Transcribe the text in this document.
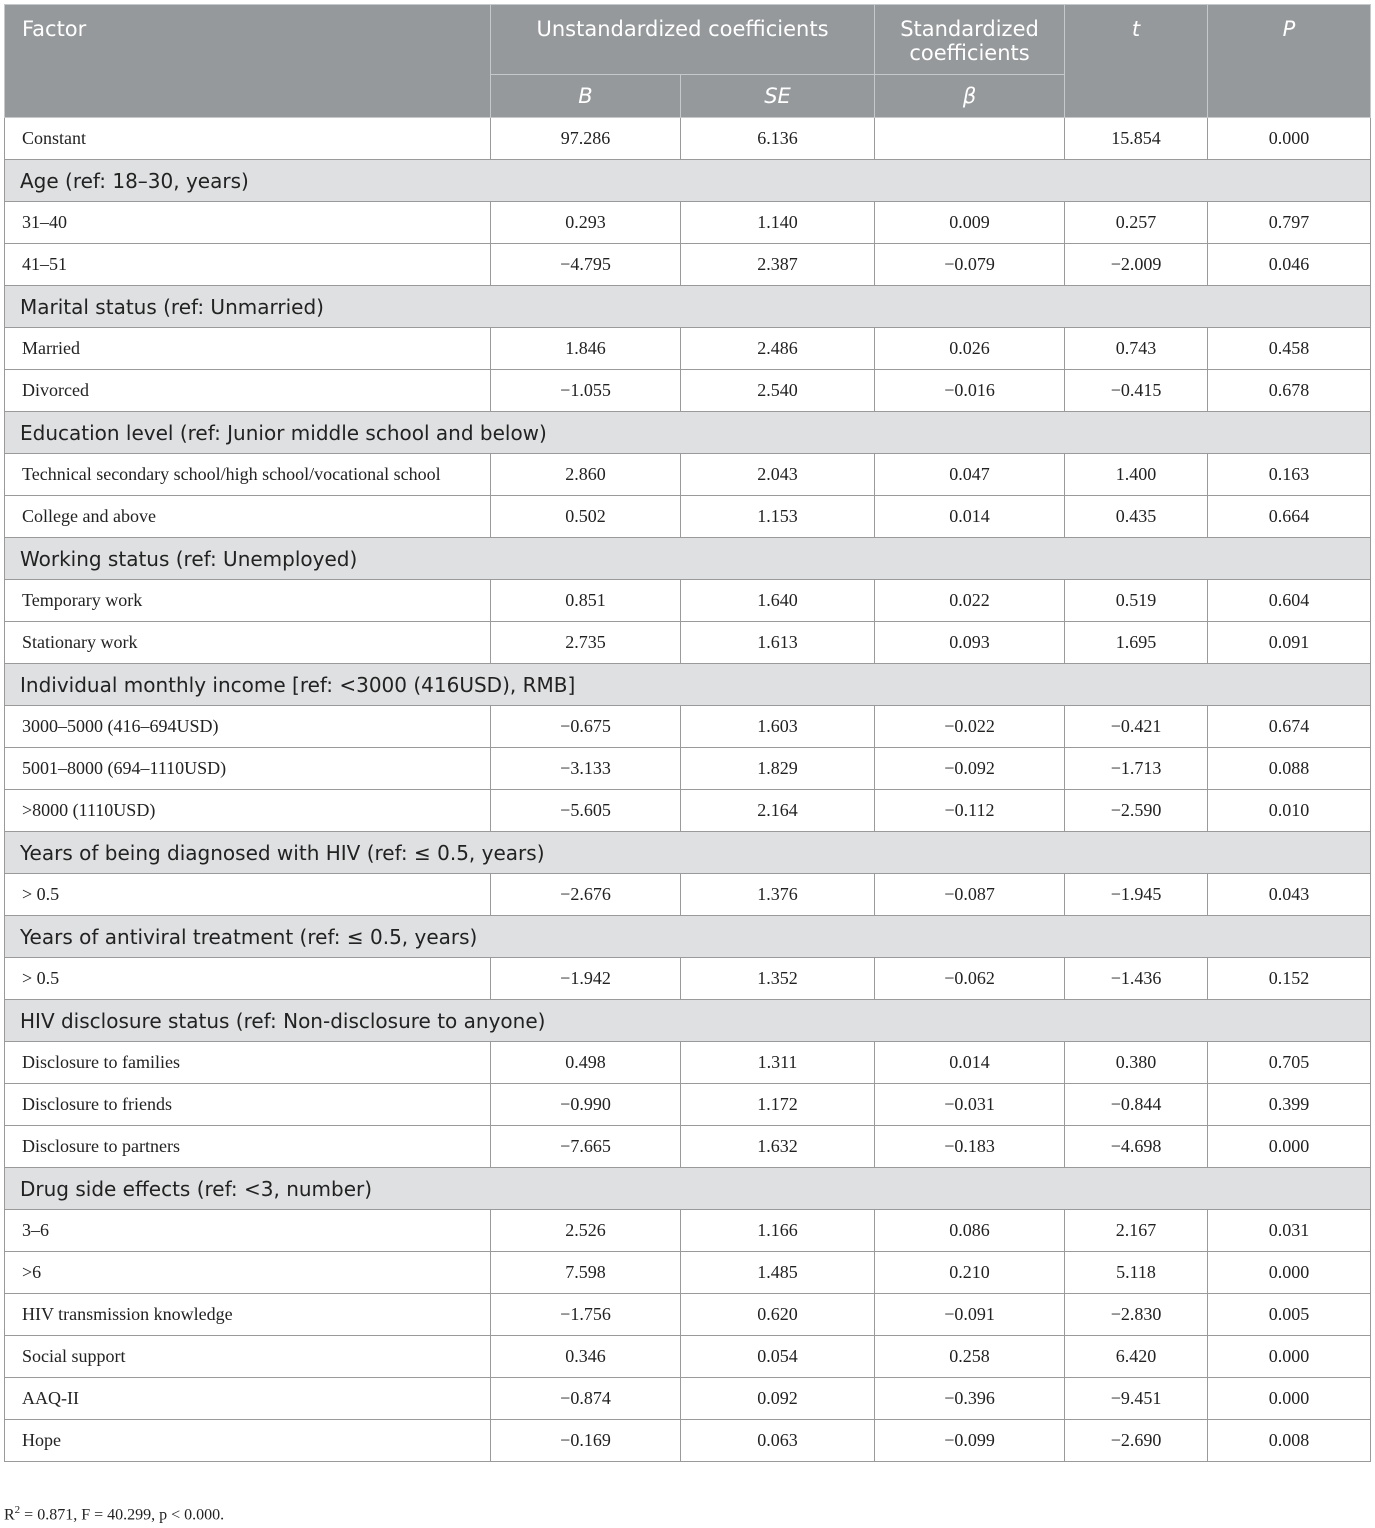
Factor	Unstandardized coefficients		Standardized coefficients	t	P
	B	SE	β		
Constant	97.286	6.136		15.854	0.000
Age (ref: 18–30, years)					
31–40	0.293	1.140	0.009	0.257	0.797
41–51	−4.795	2.387	−0.079	−2.009	0.046
Marital status (ref: Unmarried)					
Married	1.846	2.486	0.026	0.743	0.458
Divorced	−1.055	2.540	−0.016	−0.415	0.678
Education level (ref: Junior middle school and below)					
Technical secondary school/high school/vocational school	2.860	2.043	0.047	1.400	0.163
College and above	0.502	1.153	0.014	0.435	0.664
Working status (ref: Unemployed)					
Temporary work	0.851	1.640	0.022	0.519	0.604
Stationary work	2.735	1.613	0.093	1.695	0.091
Individual monthly income [ref: <3000 (416USD), RMB]					
3000–5000 (416–694USD)	−0.675	1.603	−0.022	−0.421	0.674
5001–8000 (694–1110USD)	−3.133	1.829	−0.092	−1.713	0.088
>8000 (1110USD)	−5.605	2.164	−0.112	−2.590	0.010
Years of being diagnosed with HIV (ref: ≤ 0.5, years)					
> 0.5	−2.676	1.376	−0.087	−1.945	0.043
Years of antiviral treatment (ref: ≤ 0.5, years)					
> 0.5	−1.942	1.352	−0.062	−1.436	0.152
HIV disclosure status (ref: Non-disclosure to anyone)					
Disclosure to families	0.498	1.311	0.014	0.380	0.705
Disclosure to friends	−0.990	1.172	−0.031	−0.844	0.399
Disclosure to partners	−7.665	1.632	−0.183	−4.698	0.000
Drug side effects (ref: <3, number)					
3–6	2.526	1.166	0.086	2.167	0.031
>6	7.598	1.485	0.210	5.118	0.000
HIV transmission knowledge	−1.756	0.620	−0.091	−2.830	0.005
Social support	0.346	0.054	0.258	6.420	0.000
AAQ-II	−0.874	0.092	−0.396	−9.451	0.000
Hope	−0.169	0.063	−0.099	−2.690	0.008
$R^2 = 0.871$, F = 40.299, p < 0.000.
